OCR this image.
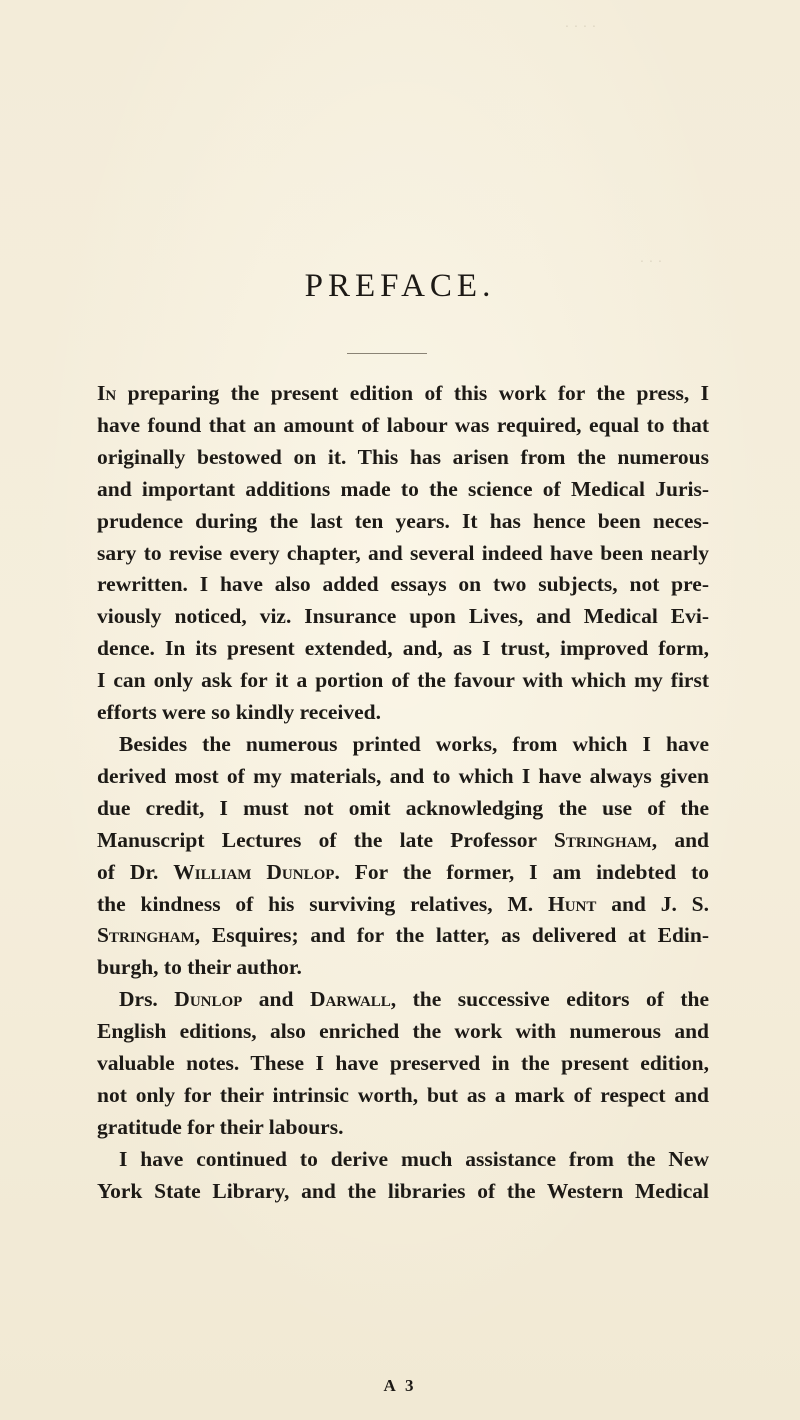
· · · ·
· · ·
PREFACE.
In preparing the present edition of this work for the press, I
have found that an amount of labour was required, equal to that
originally bestowed on it. This has arisen from the numerous
and important additions made to the science of Medical Juris-
prudence during the last ten years. It has hence been neces-
sary to revise every chapter, and several indeed have been nearly
rewritten. I have also added essays on two subjects, not pre-
viously noticed, viz. Insurance upon Lives, and Medical Evi-
dence. In its present extended, and, as I trust, improved form,
I can only ask for it a portion of the favour with which my first
efforts were so kindly received.
Besides the numerous printed works, from which I have
derived most of my materials, and to which I have always given
due credit, I must not omit acknowledging the use of the
Manuscript Lectures of the late Professor Stringham, and
of Dr. William Dunlop. For the former, I am indebted to
the kindness of his surviving relatives, M. Hunt and J. S.
Stringham, Esquires; and for the latter, as delivered at Edin-
burgh, to their author.
Drs. Dunlop and Darwall, the successive editors of the
English editions, also enriched the work with numerous and
valuable notes. These I have preserved in the present edition,
not only for their intrinsic worth, but as a mark of respect and
gratitude for their labours.
I have continued to derive much assistance from the New
York State Library, and the libraries of the Western Medical
A 3
